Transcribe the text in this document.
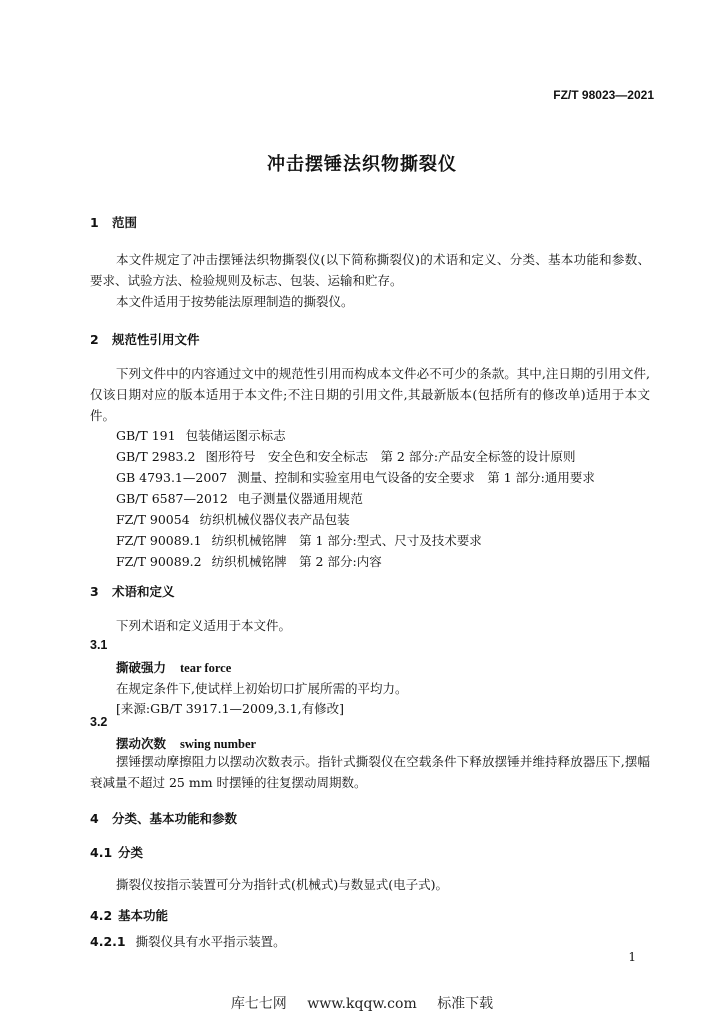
FZ/T 98023—2021
冲击摆锤法织物撕裂仪
1 范围
本文件规定了冲击摆锤法织物撕裂仪(以下简称撕裂仪)的术语和定义、分类、基本功能和参数、要求、试验方法、检验规则及标志、包装、运输和贮存。
本文件适用于按势能法原理制造的撕裂仪。
2 规范性引用文件
下列文件中的内容通过文中的规范性引用而构成本文件必不可少的条款。其中,注日期的引用文件,仅该日期对应的版本适用于本文件;不注日期的引用文件,其最新版本(包括所有的修改单)适用于本文件。
GB/T 191 包装储运图示标志
GB/T 2983.2 图形符号　安全色和安全标志　第 2 部分:产品安全标签的设计原则
GB 4793.1—2007 测量、控制和实验室用电气设备的安全要求　第 1 部分:通用要求
GB/T 6587—2012 电子测量仪器通用规范
FZ/T 90054 纺织机械仪器仪表产品包装
FZ/T 90089.1 纺织机械铭牌　第 1 部分:型式、尺寸及技术要求
FZ/T 90089.2 纺织机械铭牌　第 2 部分:内容
3 术语和定义
下列术语和定义适用于本文件。
3.1
撕破强力 tear force
在规定条件下,使试样上初始切口扩展所需的平均力。
[来源:GB/T 3917.1—2009,3.1,有修改]
3.2
摆动次数 swing number
摆锤摆动摩擦阻力以摆动次数表示。指针式撕裂仪在空载条件下释放摆锤并维持释放器压下,摆幅衰减量不超过 25 mm 时摆锤的往复摆动周期数。
4 分类、基本功能和参数
4.1 分类
撕裂仪按指示装置可分为指针式(机械式)与数显式(电子式)。
4.2 基本功能
4.2.1 撕裂仪具有水平指示装置。
1
库七七网 www.kqqw.com 标准下载
